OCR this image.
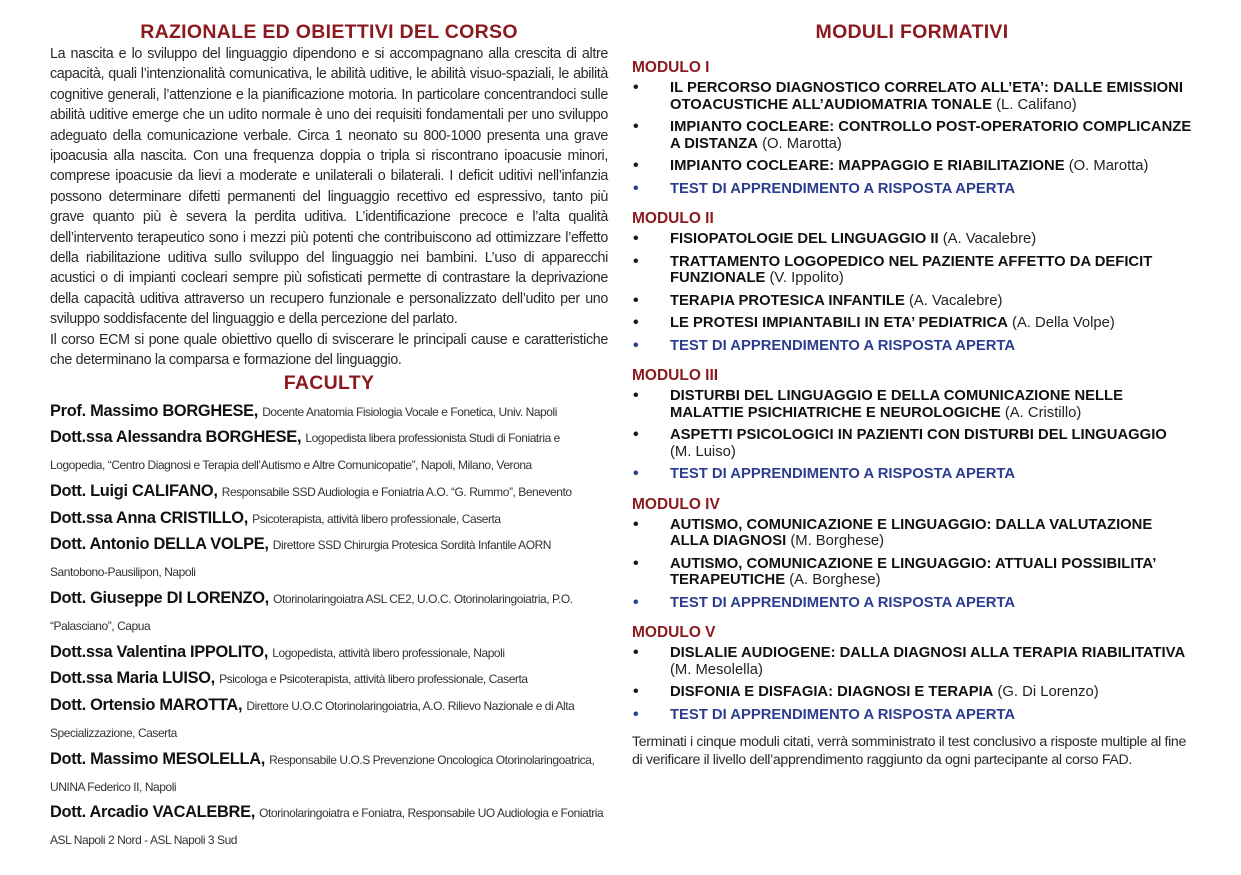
RAZIONALE ED OBIETTIVI DEL CORSO

La nascita e lo sviluppo del linguaggio dipendono e si accompagnano alla crescita di altre capacità, quali l’intenzionalità comunicativa, le abilità uditive, le abilità visuo-spaziali, le abilità cognitive generali, l’attenzione e la pianificazione motoria. In particolare concentrandoci sulle abilità uditive emerge che un udito normale è uno dei requisiti fondamentali per uno sviluppo adeguato della comunicazione verbale. Circa 1 neonato su 800-1000 presenta una grave ipoacusia alla nascita. Con una frequenza doppia o tripla si riscontrano ipoacusie minori, comprese ipoacusie da lievi a moderate e unilaterali o bilaterali. I deficit uditivi nell’infanzia possono determinare difetti permanenti del linguaggio recettivo ed espressivo, tanto più grave quanto più è severa la perdita uditiva. L’identificazione precoce e l’alta qualità dell’intervento terapeutico sono i mezzi più potenti che contribuiscono ad ottimizzare l’effetto della riabilitazione uditiva sullo sviluppo del linguaggio nei bambini. L’uso di apparecchi acustici o di impianti cocleari sempre più sofisticati permette di contrastare la deprivazione della capacità uditiva attraverso un recupero funzionale e personalizzato dell’udito per uno sviluppo soddisfacente del linguaggio e della percezione del parlato.

Il corso ECM si pone quale obiettivo quello di sviscerare le principali cause e caratteristiche che determinano la comparsa e formazione del linguaggio.

FACULTY
Prof. Massimo BORGHESE, Docente Anatomia Fisiologia Vocale e Fonetica, Univ. Napoli
Dott.ssa Alessandra BORGHESE, Logopedista libera professionista Studi di Foniatria e Logopedia, “Centro Diagnosi e Terapia dell’Autismo e Altre Comunicopatie”, Napoli, Milano, Verona
Dott. Luigi CALIFANO, Responsabile SSD Audiologia e Foniatria A.O. “G. Rummo”, Benevento
Dott.ssa Anna CRISTILLO, Psicoterapista, attività libero professionale, Caserta
Dott. Antonio DELLA VOLPE, Direttore SSD Chirurgia Protesica Sordità Infantile AORN Santobono-Pausilipon, Napoli
Dott. Giuseppe DI LORENZO, Otorinolaringoiatra ASL CE2, U.O.C. Otorinolaringoiatria, P.O. “Palasciano”, Capua
Dott.ssa Valentina IPPOLITO, Logopedista, attività libero professionale, Napoli
Dott.ssa Maria LUISO, Psicologa e Psicoterapista, attività libero professionale, Caserta
Dott. Ortensio MAROTTA, Direttore U.O.C Otorinolaringoiatria, A.O. Rilievo Nazionale e di Alta Specializzazione, Caserta
Dott. Massimo MESOLELLA, Responsabile U.O.S Prevenzione Oncologica Otorinolaringoatrica, UNINA Federico II, Napoli
Dott. Arcadio VACALEBRE, Otorinolaringoiatra e Foniatra, Responsabile UO Audiologia e Foniatria ASL Napoli 2 Nord - ASL Napoli 3 Sud
MODULI FORMATIVI
MODULO I
• IL PERCORSO DIAGNOSTICO CORRELATO ALL’ETA’: DALLE EMISSIONI OTOACUSTICHE ALL’AUDIOMATRIA TONALE (L. Califano)
• IMPIANTO COCLEARE: CONTROLLO POST-OPERATORIO COMPLICANZE A DISTANZA (O. Marotta)
• IMPIANTO COCLEARE: MAPPAGGIO E RIABILITAZIONE (O. Marotta)
• TEST DI APPRENDIMENTO A RISPOSTA APERTA
MODULO II
• FISIOPATOLOGIE DEL LINGUAGGIO II (A. Vacalebre)
• TRATTAMENTO LOGOPEDICO NEL PAZIENTE AFFETTO DA DEFICIT FUNZIONALE (V. Ippolito)
• TERAPIA PROTESICA INFANTILE (A. Vacalebre)
• LE PROTESI IMPIANTABILI IN ETA’ PEDIATRICA (A. Della Volpe)
• TEST DI APPRENDIMENTO A RISPOSTA APERTA
MODULO III
• DISTURBI DEL LINGUAGGIO E DELLA COMUNICAZIONE NELLE MALATTIE PSICHIATRICHE E NEUROLOGICHE (A. Cristillo)
• ASPETTI PSICOLOGICI IN PAZIENTI CON DISTURBI DEL LINGUAGGIO (M. Luiso)
• TEST DI APPRENDIMENTO A RISPOSTA APERTA
MODULO IV
• AUTISMO, COMUNICAZIONE E LINGUAGGIO: DALLA VALUTAZIONE ALLA DIAGNOSI (M. Borghese)
• AUTISMO, COMUNICAZIONE E LINGUAGGIO: ATTUALI POSSIBILITA’ TERAPEUTICHE (A. Borghese)
• TEST DI APPRENDIMENTO A RISPOSTA APERTA
MODULO V
• DISLALIE AUDIOGENE: DALLA DIAGNOSI ALLA TERAPIA RIABILITATIVA (M. Mesolella)
• DISFONIA E DISFAGIA: DIAGNOSI E TERAPIA (G. Di Lorenzo)
• TEST DI APPRENDIMENTO A RISPOSTA APERTA

Terminati i cinque moduli citati, verrà somministrato il test conclusivo a risposte multiple al fine di verificare il livello dell’apprendimento raggiunto da ogni partecipante al corso FAD.
